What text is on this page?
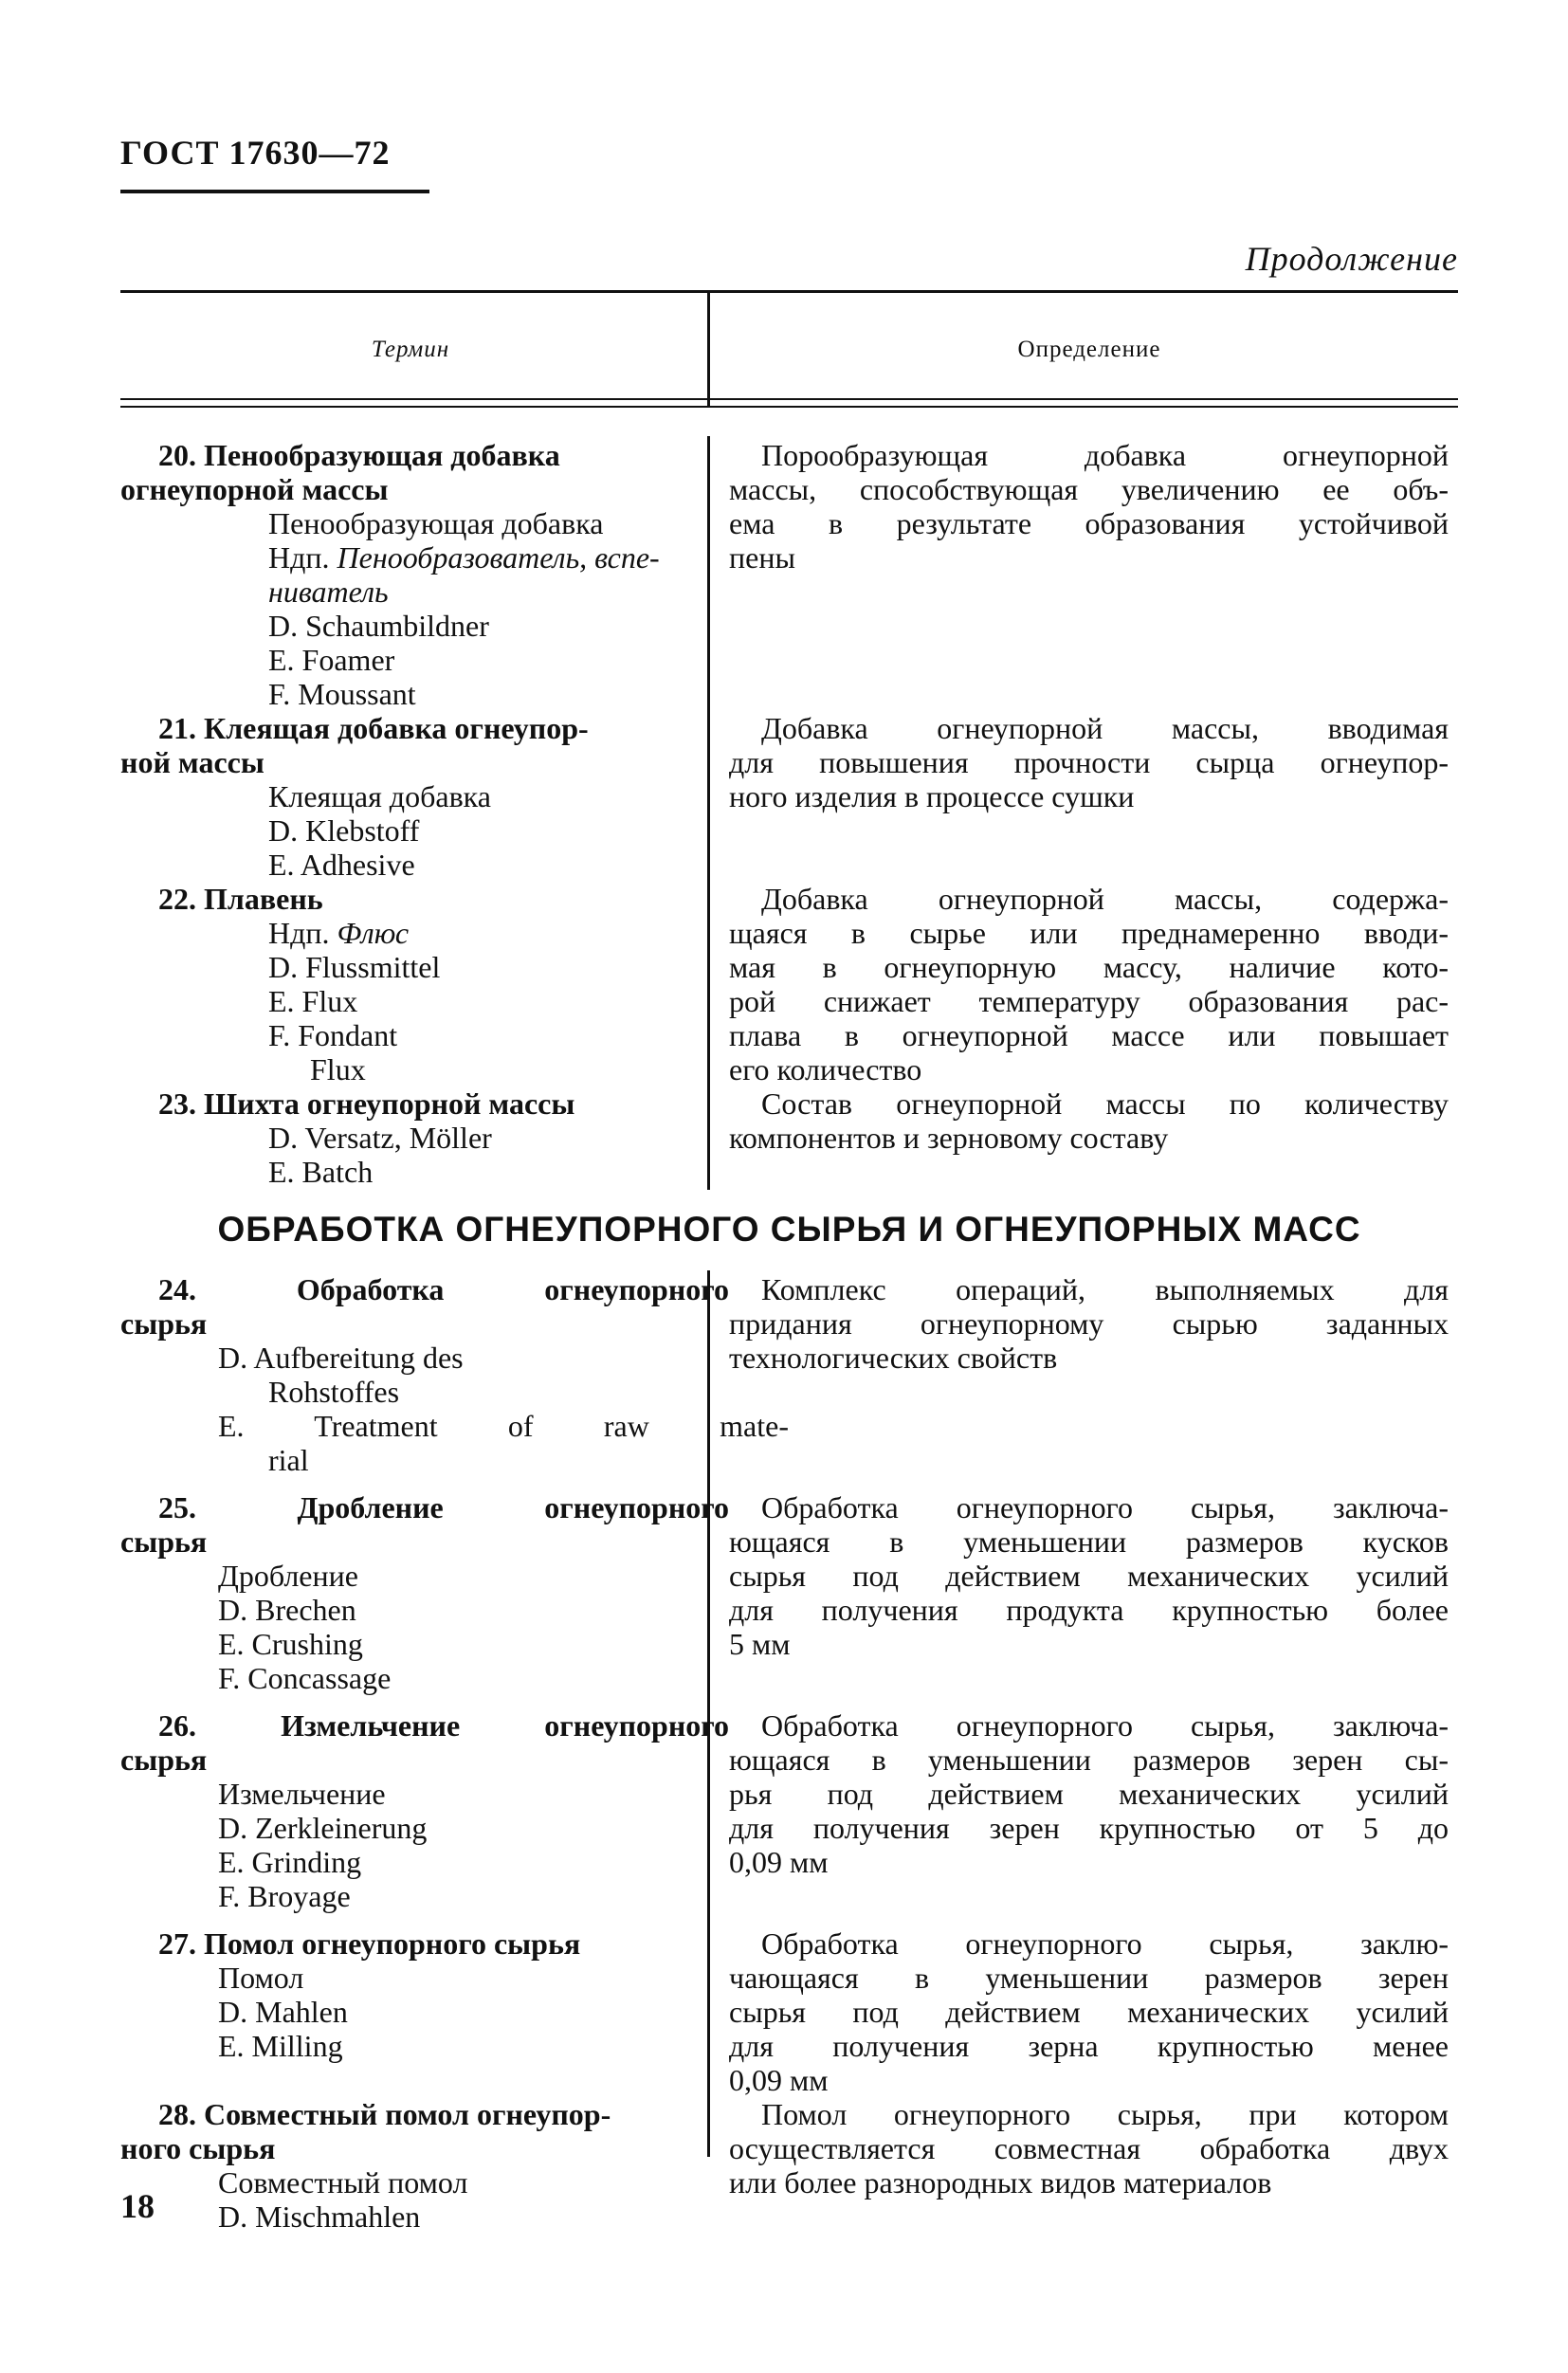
ГОСТ 17630—72
Продолжение
Термин	Определение
20. Пенообразующая добавка
огнеупорной массы
Пенообразующая добавка
Ндп. Пенообразователь, вспе-
ниватель
D. Schaumbildner
E. Foamer
F. Moussant
Порообразующая добавка огнеупорной
массы, способствующая увеличению ее объ-
ема в результате образования устойчивой
пены
21. Клеящая добавка огнеупор-
ной массы
Клеящая добавка
D. Klebstoff
E. Adhesive
Добавка огнеупорной массы, вводимая
для повышения прочности сырца огнеупор-
ного изделия в процессе сушки
22. Плавень
Ндп. Флюс
D. Flussmittel
E. Flux
F. Fondant
Flux
Добавка огнеупорной массы, содержа-
щаяся в сырье или преднамеренно вводи-
мая в огнеупорную массу, наличие кото-
рой снижает температуру образования рас-
плава в огнеупорной массе или повышает
его количество
23. Шихта огнеупорной массы
D. Versatz, Möller
E. Batch
Состав огнеупорной массы по количеству
компонентов и зерновому составу
ОБРАБОТКА ОГНЕУПОРНОГО СЫРЬЯ И ОГНЕУПОРНЫХ МАСС
24. Обработка огнеупорного
сырья
D. Aufbereitung des
Rohstoffes
E. Treatment of raw mate-
rial
Комплекс операций, выполняемых для
придания огнеупорному сырью заданных
технологических свойств
25. Дробление огнеупорного
сырья
Дробление
D. Brechen
E. Crushing
F. Concassage
Обработка огнеупорного сырья, заключа-
ющаяся в уменьшении размеров кусков
сырья под действием механических усилий
для получения продукта крупностью более
5 мм
26. Измельчение огнеупорного
сырья
Измельчение
D. Zerkleinerung
E. Grinding
F. Broyage
Обработка огнеупорного сырья, заключа-
ющаяся в уменьшении размеров зерен сы-
рья под действием механических усилий
для получения зерен крупностью от 5 до
0,09 мм
27. Помол огнеупорного сырья
Помол
D. Mahlen
E. Milling
Обработка огнеупорного сырья, заклю-
чающаяся в уменьшении размеров зерен
сырья под действием механических усилий
для получения зерна крупностью менее
0,09 мм
28. Совместный помол огнеупор-
ного сырья
Совместный помол
D. Mischmahlen
Помол огнеупорного сырья, при котором
осуществляется совместная обработка двух
или более разнородных видов материалов
18
